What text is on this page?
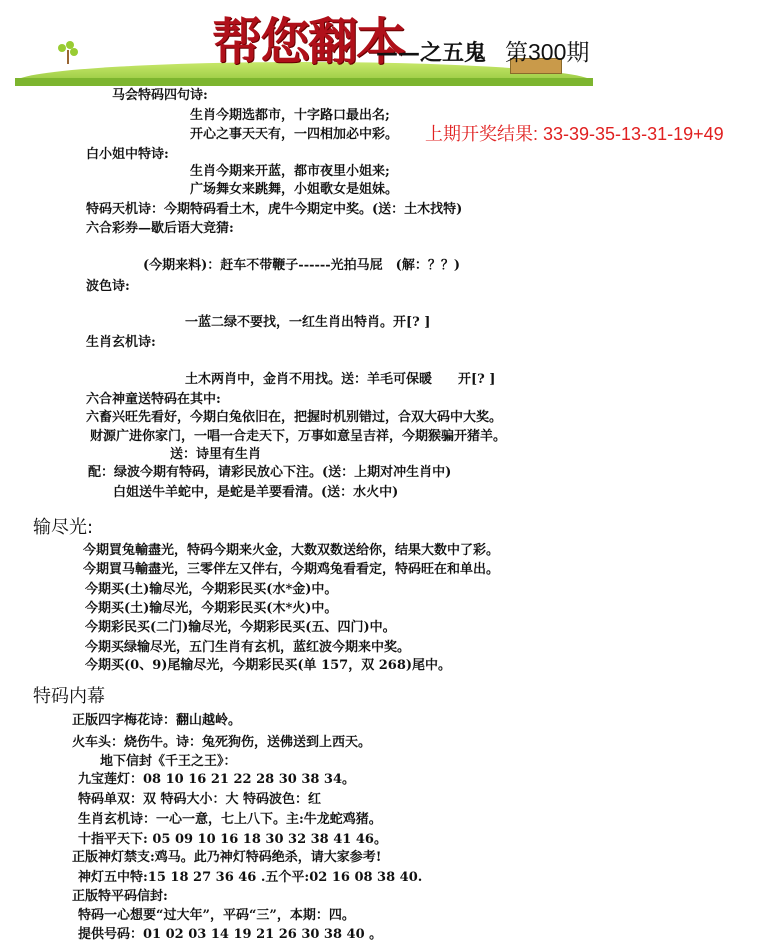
帮您翻本
——之五鬼 第300期
上期开奖结果: 33-39-35-13-31-19+49
马会特码四句诗:
生肖今期选都市，十字路口最出名;
开心之事天天有，一四相加必中彩。
白小姐中特诗:
生肖今期来开蓝，都市夜里小姐来;
广场舞女来跳舞，小姐歌女是姐妹。
特码天机诗：今期特码看土木，虎牛今期定中奖。(送：土木找特)
六合彩券—歇后语大竞猜:
(今期来料)：赶车不带鞭子------光拍马屁　(解：？？)
波色诗:
一蓝二绿不要找，一红生肖出特肖。开[? ]
生肖玄机诗:
土木两肖中，金肖不用找。送：羊毛可保暖　　开[? ]
六合神童送特码在其中:
六畜兴旺先看好，今期白兔依旧在，把握时机别错过，合双大码中大奖。
财源广进你家门，一唱一合走天下，万事如意呈吉祥，今期猴骗开猪羊。
送：诗里有生肖
配：绿波今期有特码，请彩民放心下注。(送：上期对冲生肖中)
白姐送牛羊蛇中，是蛇是羊要看清。(送：水火中)
输尽光:
今期買兔輸盡光，特码今期来火金，大数双数送给你，结果大数中了彩。
今期買马輸盡光，三零伴左又伴右，今期鸡兔看看定，特码旺在和单出。
今期买(土)输尽光，今期彩民买(水*金)中。
今期买(土)输尽光，今期彩民买(木*火)中。
今期彩民买(二门)输尽光，今期彩民买(五、四门)中。
今期买绿输尽光，五门生肖有玄机，蓝红波今期来中奖。
今期买(0、9)尾输尽光，今期彩民买(单 157，双 268)尾中。
特码内幕
正版四字梅花诗：翻山越岭。
火车头：烧伤牛。诗：兔死狗伤，送佛送到上西天。
地下信封《千王之王》：
九宝莲灯：08 10 16 21 22 28 30 38 34。
特码单双：双 特码大小：大 特码波色：红
生肖玄机诗：一心一意，七上八下。主:牛龙蛇鸡猪。
十指平天下: 05 09 10 16 18 30 32 38 41 46。
正版神灯禁支:鸡马。此乃神灯特码绝杀，请大家参考!
神灯五中特:15 18 27 36 46 .五个平:02 16 08 38 40.
正版特平码信封:
特码一心想要“过大年”，平码“三”，本期：四。
提供号码：01 02 03 14 19 21 26 30 38 40 。
